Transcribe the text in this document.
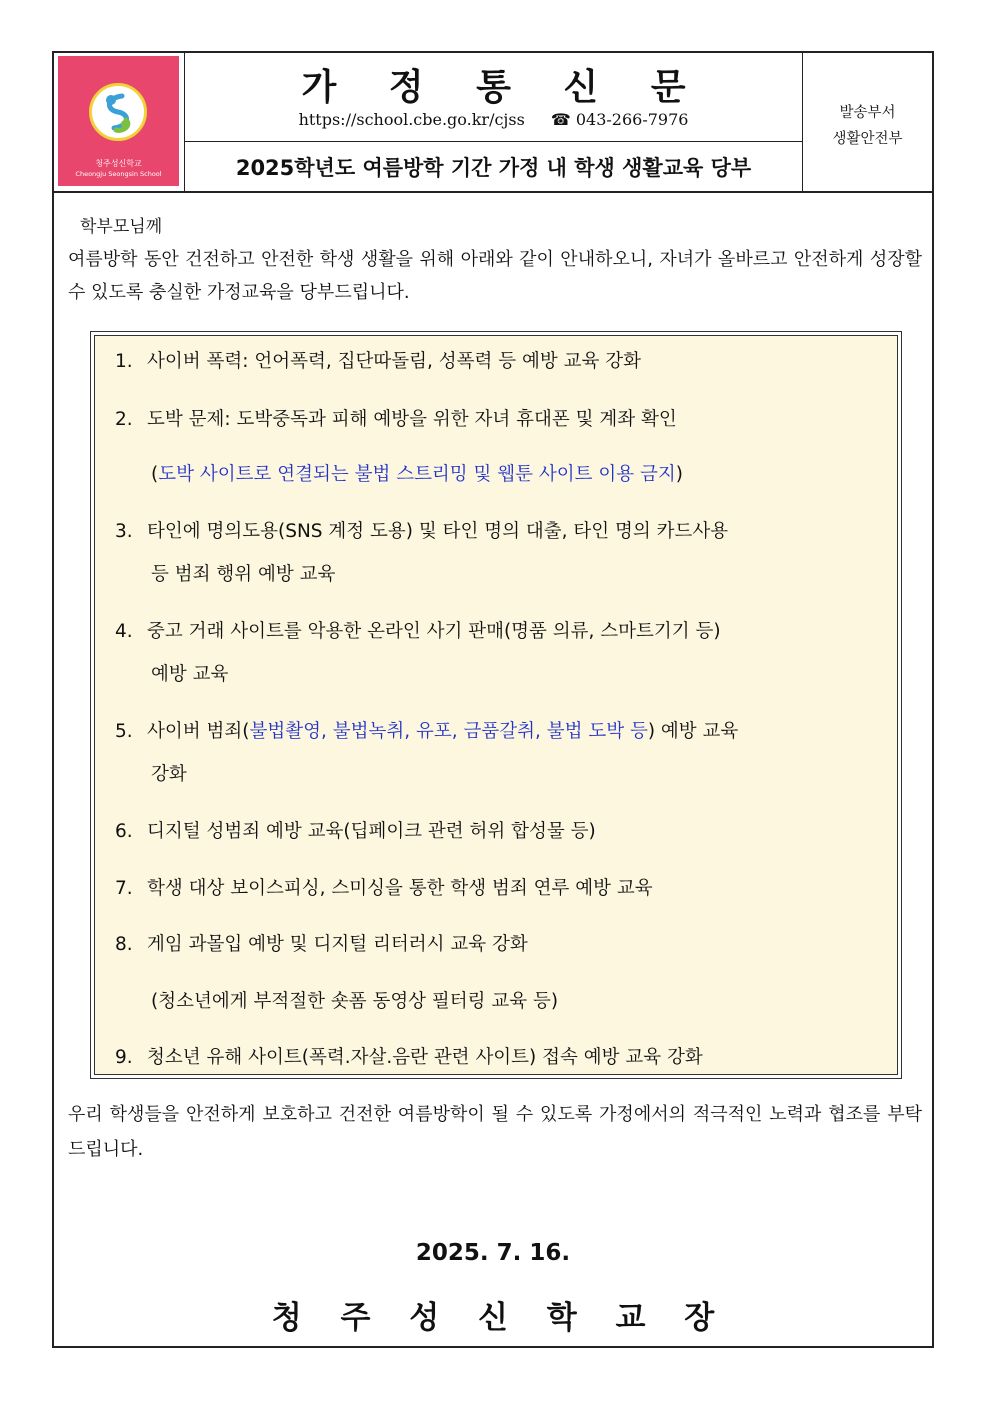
청주성신학교
Cheongju Seongsin School
가 정 통 신 문
https://school.cbe.go.kr/cjss ☎ 043-266-7976
2025학년도 여름방학 기간 가정 내 학생 생활교육 당부
발송부서
생활안전부
학부모님께
여름방학 동안 건전하고 안전한 학생 생활을 위해 아래와 같이 안내하오니, 자녀가 올바르고 안전하게 성장할 수 있도록 충실한 가정교육을 당부드립니다.
1. 사이버 폭력: 언어폭력, 집단따돌림, 성폭력 등 예방 교육 강화
2. 도박 문제: 도박중독과 피해 예방을 위한 자녀 휴대폰 및 계좌 확인
(도박 사이트로 연결되는 불법 스트리밍 및 웹툰 사이트 이용 금지)
3. 타인에 명의도용(SNS 계정 도용) 및 타인 명의 대출, 타인 명의 카드사용
등 범죄 행위 예방 교육
4. 중고 거래 사이트를 악용한 온라인 사기 판매(명품 의류, 스마트기기 등)
예방 교육
5. 사이버 범죄(불법촬영, 불법녹취, 유포, 금품갈취, 불법 도박 등) 예방 교육
강화
6. 디지털 성범죄 예방 교육(딥페이크 관련 허위 합성물 등)
7. 학생 대상 보이스피싱, 스미싱을 통한 학생 범죄 연루 예방 교육
8. 게임 과몰입 예방 및 디지털 리터러시 교육 강화
(청소년에게 부적절한 숏폼 동영상 필터링 교육 등)
9. 청소년 유해 사이트(폭력.자살.음란 관련 사이트) 접속 예방 교육 강화
우리 학생들을 안전하게 보호하고 건전한 여름방학이 될 수 있도록 가정에서의 적극적인 노력과 협조를 부탁드립니다.
2025. 7. 16.
청 주 성 신 학 교 장
